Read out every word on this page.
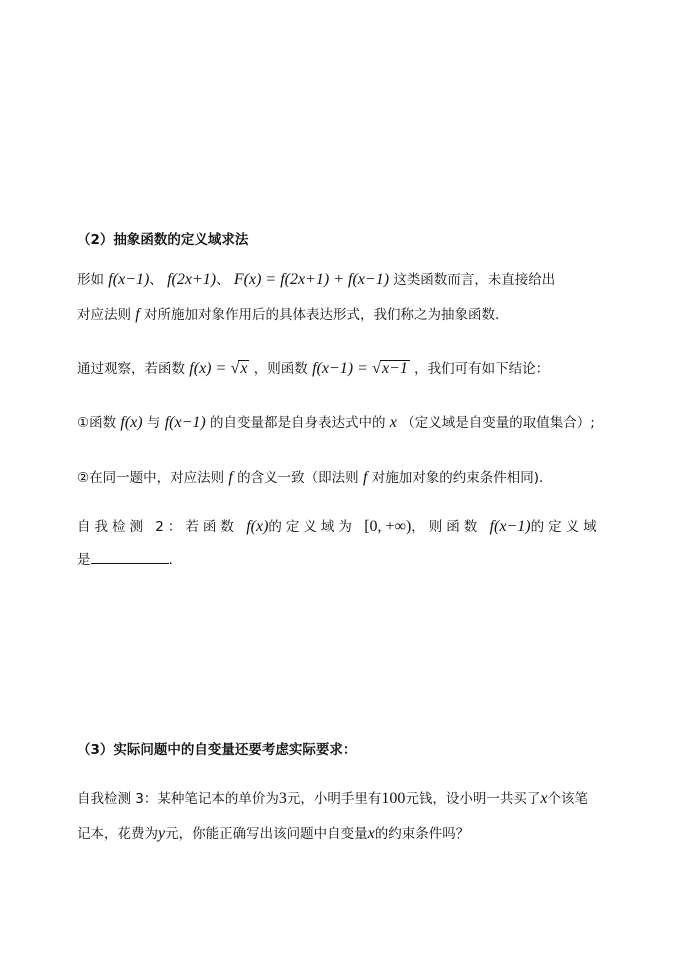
（2）抽象函数的定义域求法
形如 f(x−1)、 f(2x+1)、 F(x) = f(2x+1) + f(x−1) 这类函数而言，未直接给出
对应法则 f 对所施加对象作用后的具体表达形式，我们称之为抽象函数.
通过观察，若函数 f(x) = √x ，则函数 f(x−1) = √x−1 ，我们可有如下结论：
①函数 f(x) 与 f(x−1) 的自变量都是自身表达式中的 x （定义域是自变量的取值集合）;
②在同一题中，对应法则 f 的含义一致（即法则 f 对施加对象的约束条件相同).
自我检测 2：若函数 f(x)的定义域为 [0, +∞)，则函数 f(x−1)的定义域
是	.
（3）实际问题中的自变量还要考虑实际要求：
自我检测 3：某种笔记本的单价为3元，小明手里有100元钱，设小明一共买了x个该笔
记本，花费为y元，你能正确写出该问题中自变量x的约束条件吗？
